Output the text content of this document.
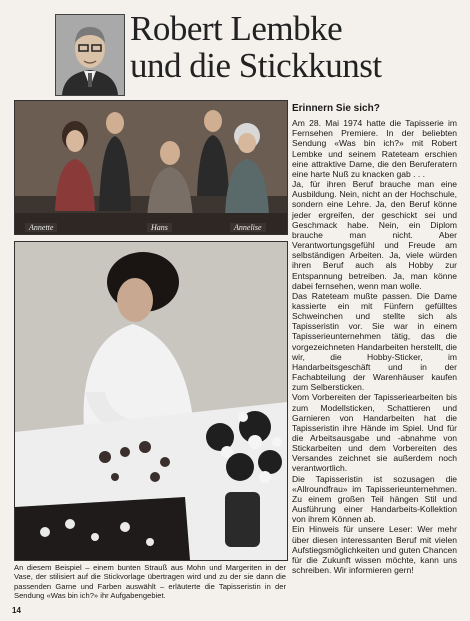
Robert Lembke
und die Stickkunst
Annette	Hans	Annelise
An diesem Beispiel – einem bunten Strauß aus Mohn und Margeriten in der Vase, der stilisiert auf die Stickvorlage übertragen wird und zu der sie dann die passenden Garne und Farben auswählt – erläuterte die Tapisseristin in der Sendung «Was bin ich?» ihr Aufgabengebiet.
14
Erinnern Sie sich?

Am 28. Mai 1974 hatte die Tapisserie im Fernsehen Premiere. In der beliebten Sendung «Was bin ich?» mit Robert Lembke und seinem Rateteam erschien eine attraktive Dame, die den Beruferatern eine harte Nuß zu knacken gab . . .

Ja, für ihren Beruf brauche man eine Ausbildung. Nein, nicht an der Hochschule, sondern eine Lehre. Ja, den Beruf könne jeder ergreifen, der geschickt sei und Geschmack habe. Nein, ein Diplom brauche man nicht. Aber Verantwortungsgefühl und Freude am selbständigen Arbeiten. Ja, viele würden ihren Beruf auch als Hobby zur Entspannung betreiben. Ja, man könne dabei fernsehen, wenn man wolle.

Das Rateteam mußte passen. Die Dame kassierte ein mit Fünfern gefülltes Schweinchen und stellte sich als Tapisseristin vor. Sie war in einem Tapisserieunternehmen tätig, das die vorgezeichneten Handarbeiten herstellt, die wir, die Hobby-Sticker, im Handarbeitsgeschäft und in der Fachabteilung der Warenhäuser kaufen zum Selbersticken.

Vom Vorbereiten der Tapisseriearbeiten bis zum Modellsticken, Schattieren und Garnieren von Handarbeiten hat die Tapisseristin ihre Hände im Spiel. Und für die Arbeitsausgabe und -abnahme von Stickarbeiten und dem Vorbereiten des Versandes zeichnet sie außerdem noch verantwortlich.

Die Tapisseristin ist sozusagen die «Allroundfrau» im Tapisserieunternehmen. Zu einem großen Teil hängen Stil und Ausführung einer Handarbeits-Kollektion von ihrem Können ab.

Ein Hinweis für unsere Leser: Wer mehr über diesen interessanten Beruf mit vielen Aufstiegsmöglichkeiten und guten Chancen für die Zukunft wissen möchte, kann uns schreiben. Wir informieren gern!
